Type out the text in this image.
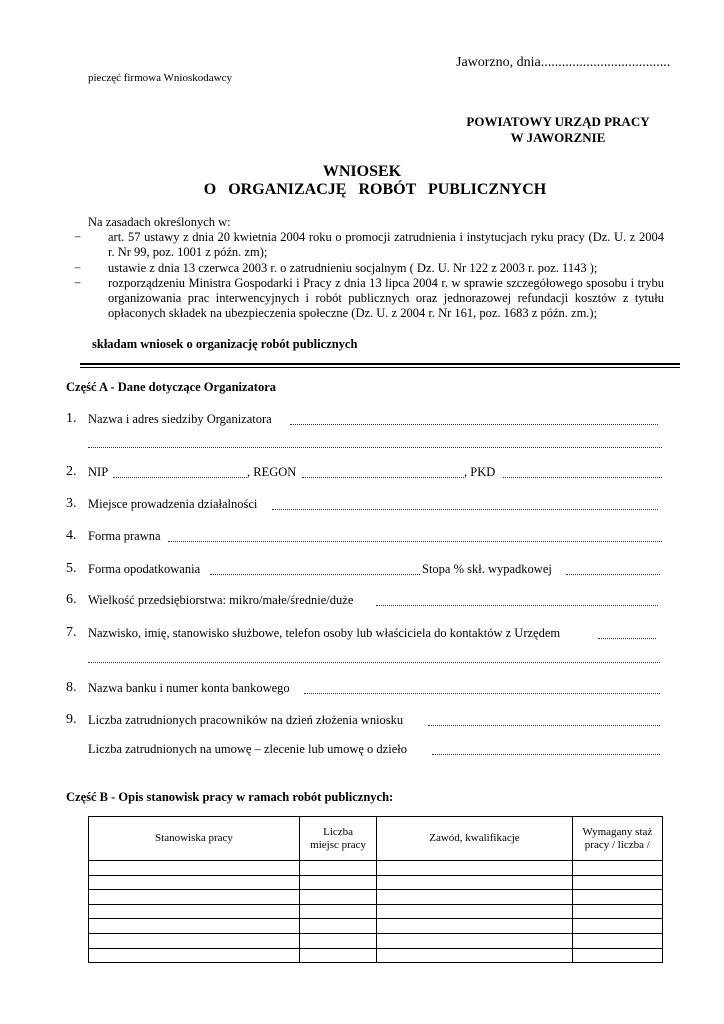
Jaworzno, dnia.....................................
pieczęć firmowa Wnioskodawcy
POWIATOWY URZĄD PRACY
W JAWORZNIE
WNIOSEK
O   ORGANIZACJĘ   ROBÓT   PUBLICZNYCH

Na zasadach określonych w:

− art. 57 ustawy z dnia 20 kwietnia 2004 roku o promocji zatrudnienia i instytucjach ryku pracy (Dz. U. z 2004 r. Nr 99, poz. 1001 z późn. zm);
− ustawie z dnia 13 czerwca 2003 r. o zatrudnieniu socjalnym ( Dz. U. Nr 122 z 2003 r. poz. 1143 );
− rozporządzeniu Ministra Gospodarki i Pracy z dnia 13 lipca 2004 r. w sprawie szczegółowego sposobu i trybu organizowania prac interwencyjnych i robót publicznych oraz jednorazowej refundacji kosztów z tytułu opłaconych składek na ubezpieczenia społeczne (Dz. U. z 2004 r. Nr 161, poz. 1683 z późn. zm.);
składam wniosek o organizację robót publicznych
Część A - Dane dotyczące Organizatora
1. Nazwa i adres siedziby Organizatora
2. NIP	, REGON	, PKD
3. Miejsce prowadzenia działalności
4. Forma prawna
5. Forma opodatkowania	Stopa % skł. wypadkowej
6. Wielkość przedsiębiorstwa: mikro/małe/średnie/duże
7. Nazwisko, imię, stanowisko służbowe, telefon osoby lub właściciela do kontaktów z Urzędem
8. Nazwa banku i numer konta bankowego
9. Liczba zatrudnionych pracowników na dzień złożenia wniosku
Liczba zatrudnionych na umowę – zlecenie lub umowę o dzieło
Część B - Opis stanowisk pracy w ramach robót publicznych:
Stanowiska pracy	Liczba miejsc pracy	Zawód, kwalifikacje	Wymagany staż pracy / liczba /
